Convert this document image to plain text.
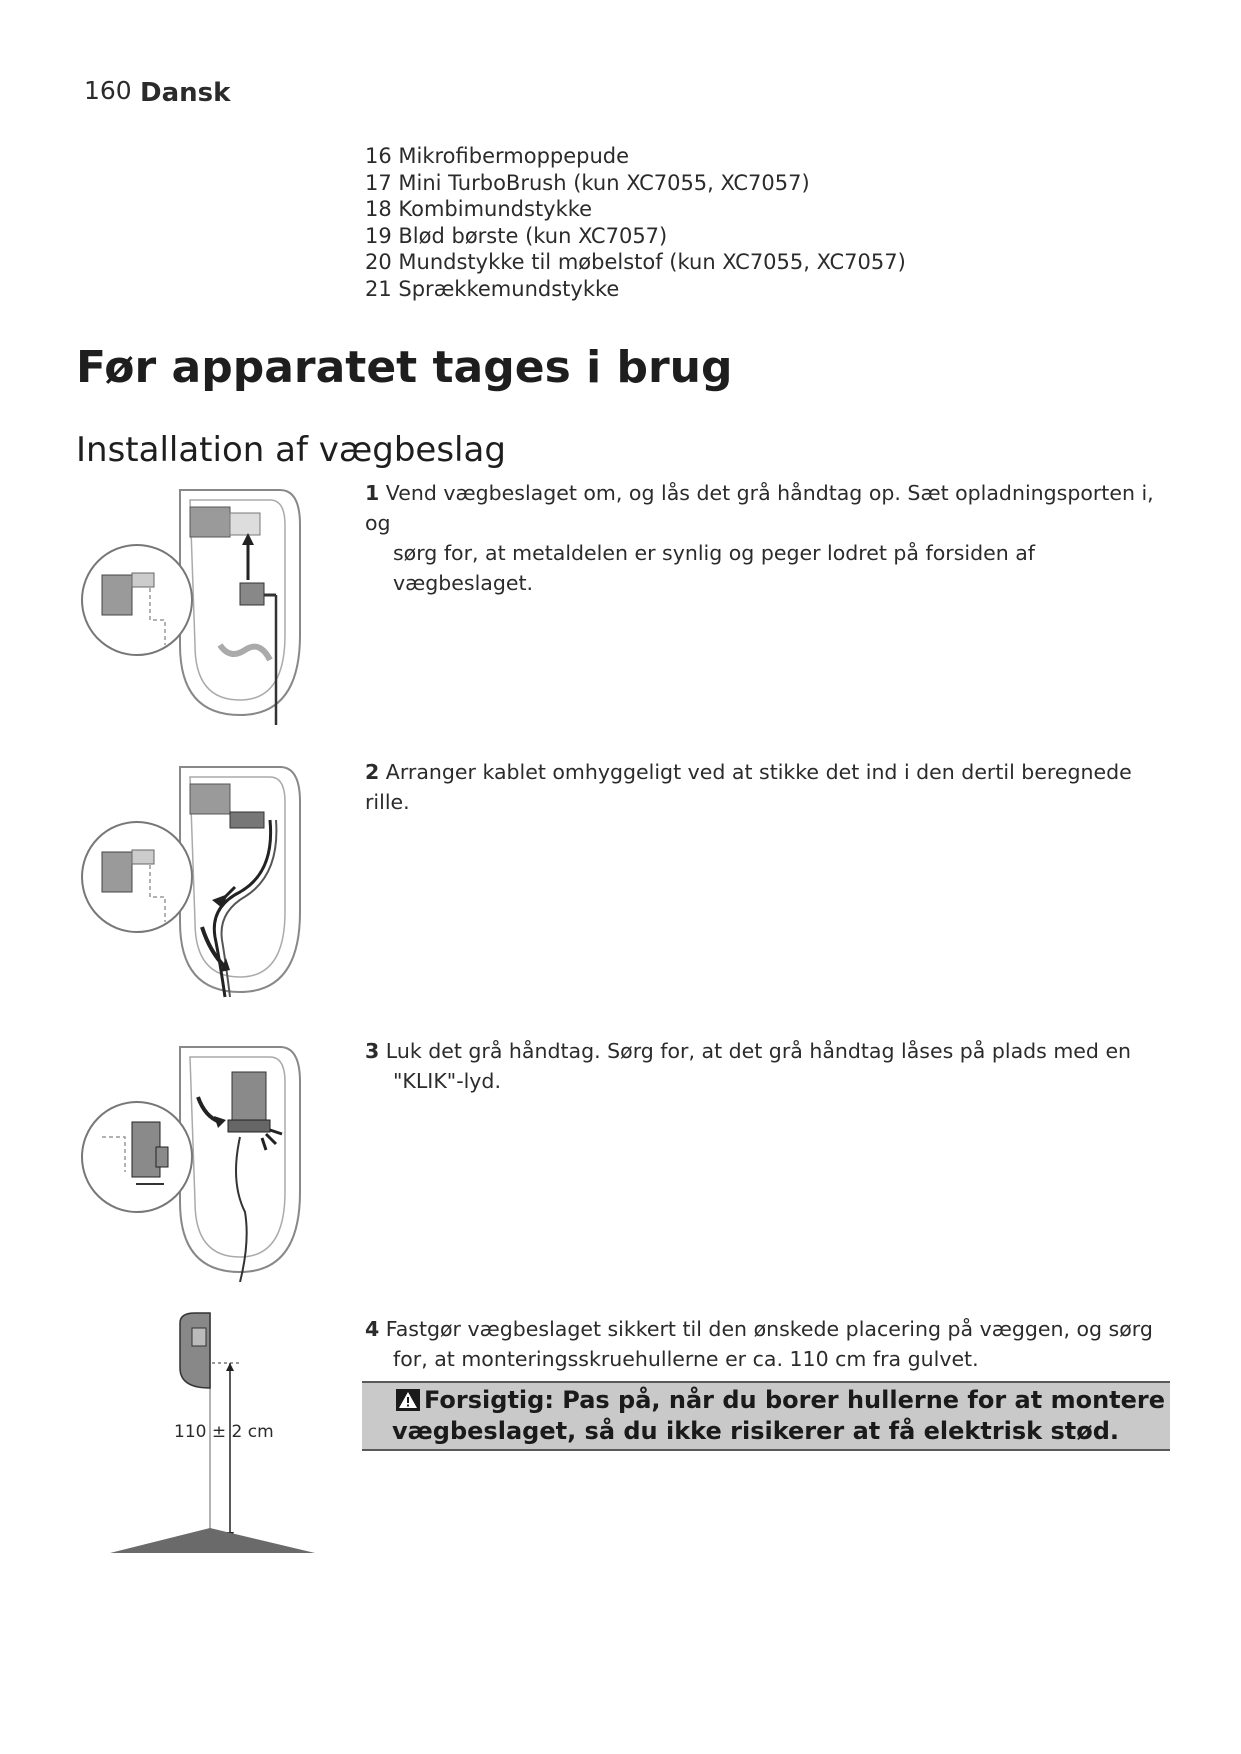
160 Dansk
16 Mikrofibermoppepude
17 Mini TurboBrush (kun XC7055, XC7057)
18 Kombimundstykke
19 Blød børste (kun XC7057)
20 Mundstykke til møbelstof (kun XC7055, XC7057)
21 Sprækkemundstykke
Før apparatet tages i brug
Installation af vægbeslag
1 Vend vægbeslaget om, og lås det grå håndtag op. Sæt opladningsporten i, og
sørg for, at metaldelen er synlig og peger lodret på forsiden af vægbeslaget.
2 Arranger kablet omhyggeligt ved at stikke det ind i den dertil beregnede rille.
3 Luk det grå håndtag. Sørg for, at det grå håndtag låses på plads med en
"KLIK"-lyd.
4 Fastgør vægbeslaget sikkert til den ønskede placering på væggen, og sørg
for, at monteringsskruehullerne er ca. 110 cm fra gulvet.
Forsigtig: Pas på, når du borer hullerne for at montere
vægbeslaget, så du ikke risikerer at få elektrisk stød.
110 ± 2 cm
